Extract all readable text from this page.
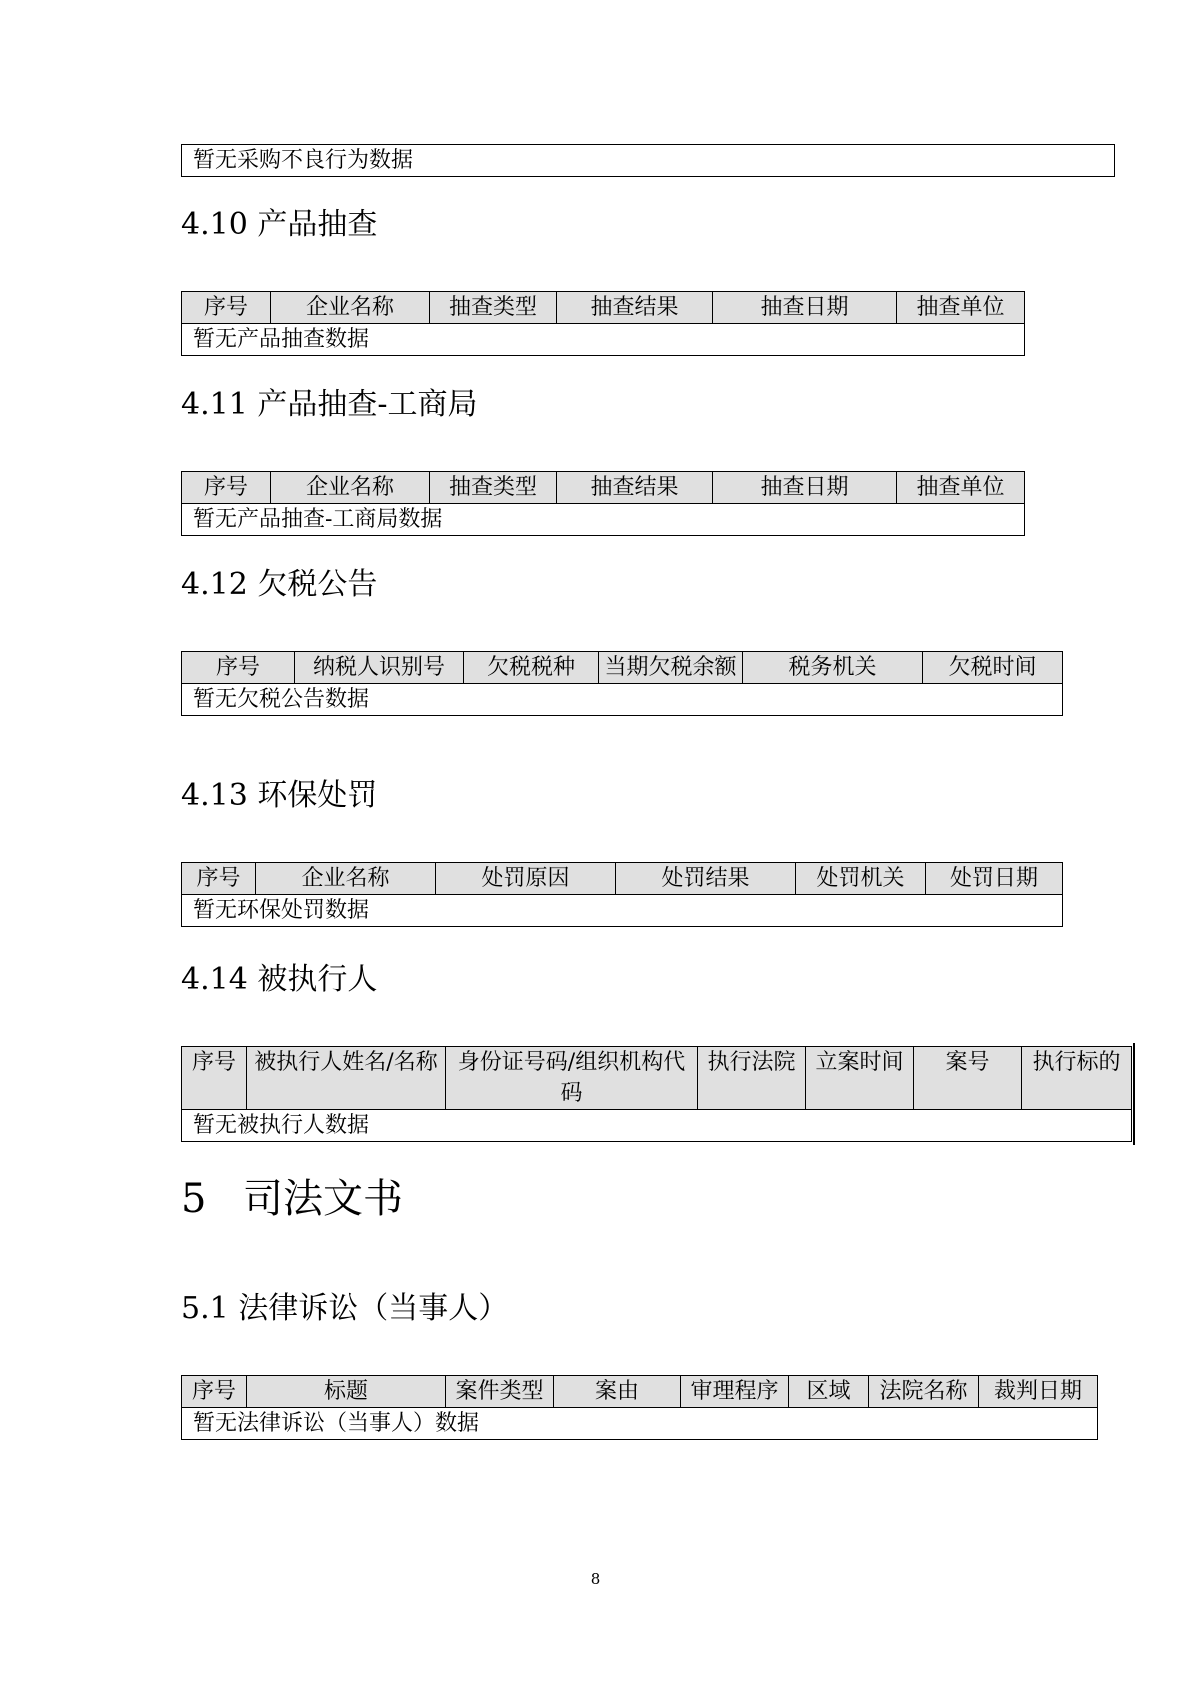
暂无采购不良行为数据
4.10 产品抽查
序号	企业名称	抽查类型	抽查结果	抽查日期	抽查单位
暂无产品抽查数据
4.11 产品抽查-工商局
序号	企业名称	抽查类型	抽查结果	抽查日期	抽查单位
暂无产品抽查-工商局数据
4.12 欠税公告
序号	纳税人识别号	欠税税种	当期欠税余额	税务机关	欠税时间
暂无欠税公告数据
4.13 环保处罚
序号	企业名称	处罚原因	处罚结果	处罚机关	处罚日期
暂无环保处罚数据
4.14 被执行人
序号	被执行人姓名/名称	身份证号码/组织机构代码	执行法院	立案时间	案号	执行标的
暂无被执行人数据
5 司法文书
5.1 法律诉讼（当事人）
序号	标题	案件类型	案由	审理程序	区域	法院名称	裁判日期
暂无法律诉讼（当事人）数据
8
